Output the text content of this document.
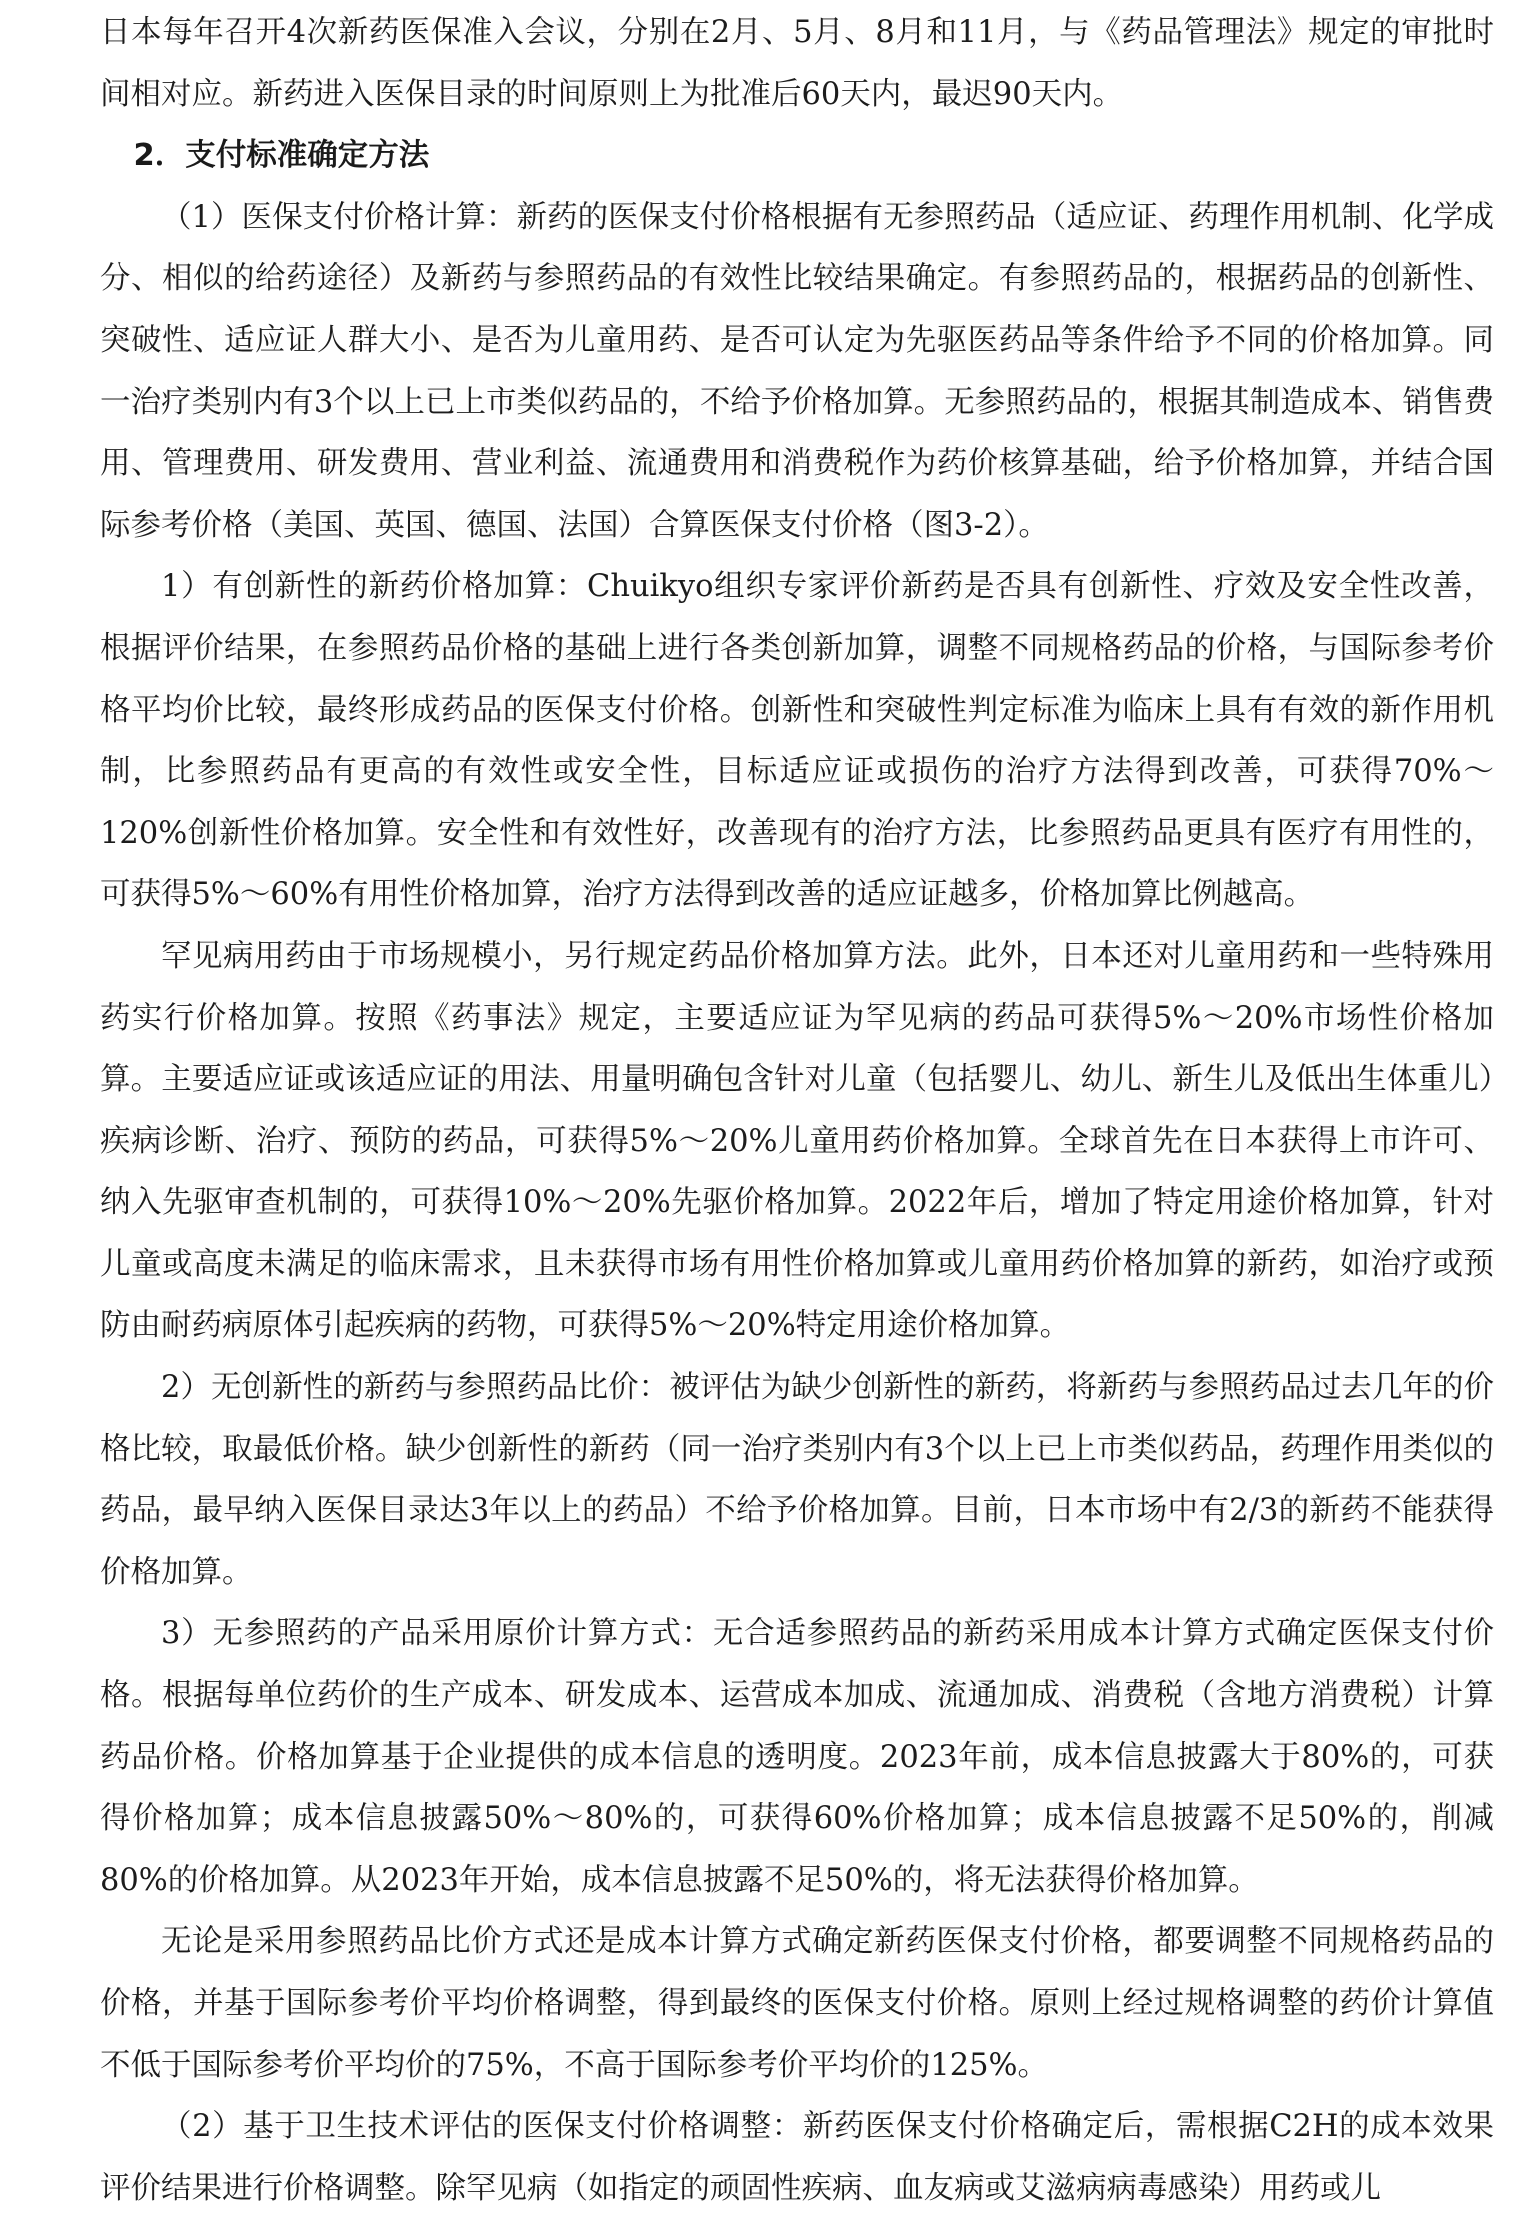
日本每年召开4次新药医保准入会议，分别在2月、5月、8月和11月，与《药品管理法》规定的审批时间相对应。新药进入医保目录的时间原则上为批准后60天内，最迟90天内。

2．支付标准确定方法

（1）医保支付价格计算：新药的医保支付价格根据有无参照药品（适应证、药理作用机制、化学成分、相似的给药途径）及新药与参照药品的有效性比较结果确定。有参照药品的，根据药品的创新性、突破性、适应证人群大小、是否为儿童用药、是否可认定为先驱医药品等条件给予不同的价格加算。同一治疗类别内有3个以上已上市类似药品的，不给予价格加算。无参照药品的，根据其制造成本、销售费用、管理费用、研发费用、营业利益、流通费用和消费税作为药价核算基础，给予价格加算，并结合国际参考价格（美国、英国、德国、法国）合算医保支付价格（图3-2）。

1）有创新性的新药价格加算：Chuikyo组织专家评价新药是否具有创新性、疗效及安全性改善，根据评价结果，在参照药品价格的基础上进行各类创新加算，调整不同规格药品的价格，与国际参考价格平均价比较，最终形成药品的医保支付价格。创新性和突破性判定标准为临床上具有有效的新作用机制，比参照药品有更高的有效性或安全性，目标适应证或损伤的治疗方法得到改善，可获得70%～120%创新性价格加算。安全性和有效性好，改善现有的治疗方法，比参照药品更具有医疗有用性的，可获得5%～60%有用性价格加算，治疗方法得到改善的适应证越多，价格加算比例越高。

罕见病用药由于市场规模小，另行规定药品价格加算方法。此外，日本还对儿童用药和一些特殊用药实行价格加算。按照《药事法》规定，主要适应证为罕见病的药品可获得5%～20%市场性价格加算。主要适应证或该适应证的用法、用量明确包含针对儿童（包括婴儿、幼儿、新生儿及低出生体重儿）疾病诊断、治疗、预防的药品，可获得5%～20%儿童用药价格加算。全球首先在日本获得上市许可、纳入先驱审查机制的，可获得10%～20%先驱价格加算。2022年后，增加了特定用途价格加算，针对儿童或高度未满足的临床需求，且未获得市场有用性价格加算或儿童用药价格加算的新药，如治疗或预防由耐药病原体引起疾病的药物，可获得5%～20%特定用途价格加算。

2）无创新性的新药与参照药品比价：被评估为缺少创新性的新药，将新药与参照药品过去几年的价格比较，取最低价格。缺少创新性的新药（同一治疗类别内有3个以上已上市类似药品，药理作用类似的药品，最早纳入医保目录达3年以上的药品）不给予价格加算。目前，日本市场中有2/3的新药不能获得价格加算。

3）无参照药的产品采用原价计算方式：无合适参照药品的新药采用成本计算方式确定医保支付价格。根据每单位药价的生产成本、研发成本、运营成本加成、流通加成、消费税（含地方消费税）计算药品价格。价格加算基于企业提供的成本信息的透明度。2023年前，成本信息披露大于80%的，可获得价格加算；成本信息披露50%～80%的，可获得60%价格加算；成本信息披露不足50%的，削减80%的价格加算。从2023年开始，成本信息披露不足50%的，将无法获得价格加算。

无论是采用参照药品比价方式还是成本计算方式确定新药医保支付价格，都要调整不同规格药品的价格，并基于国际参考价平均价格调整，得到最终的医保支付价格。原则上经过规格调整的药价计算值不低于国际参考价平均价的75%，不高于国际参考价平均价的125%。

（2）基于卫生技术评估的医保支付价格调整：新药医保支付价格确定后，需根据C2H的成本效果评价结果进行价格调整。除罕见病（如指定的顽固性疾病、血友病或艾滋病病毒感染）用药或儿
